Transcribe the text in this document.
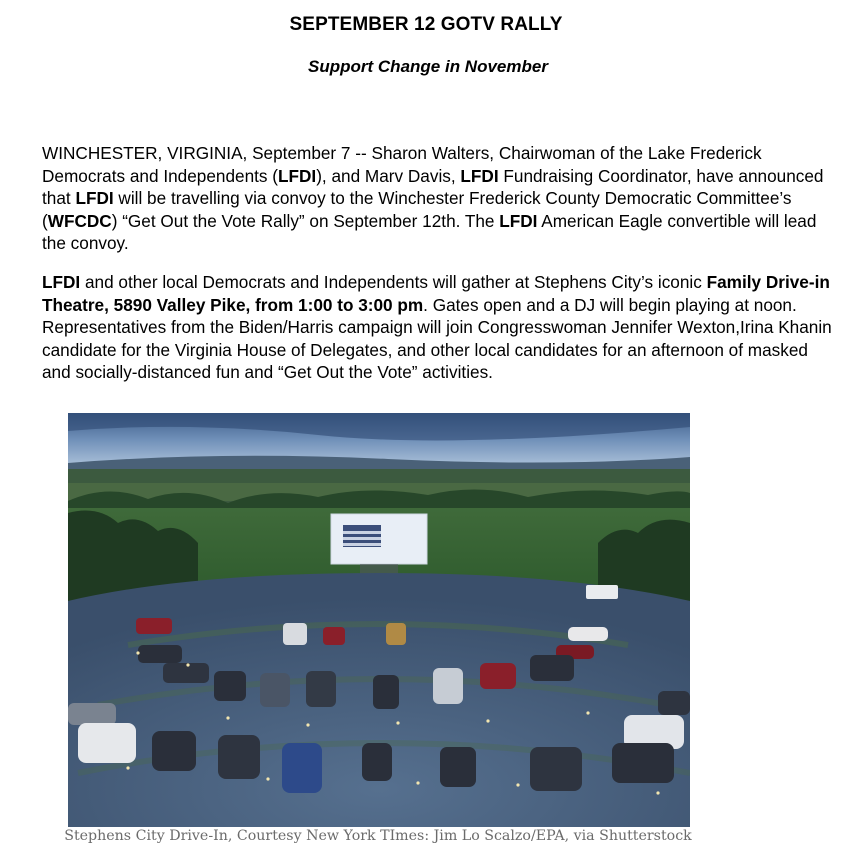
SEPTEMBER 12 GOTV RALLY
Support Change in November
WINCHESTER, VIRGINIA, September 7 -- Sharon Walters, Chairwoman of the Lake Frederick Democrats and Independents (LFDI), and Marv Davis, LFDI Fundraising Coordinator, have announced that LFDI will be travelling via convoy to the Winchester Frederick County Democratic Committee’s (WFCDC) “Get Out the Vote Rally” on September 12th. The LFDI American Eagle convertible will lead the convoy.
LFDI and other local Democrats and Independents will gather at Stephens City’s iconic Family Drive-in Theatre, 5890 Valley Pike, from 1:00 to 3:00 pm. Gates open and a DJ will begin playing at noon. Representatives from the Biden/Harris campaign will join Congresswoman Jennifer Wexton,Irina Khanin candidate for the Virginia House of Delegates, and other local candidates for an afternoon of masked and socially-distanced fun and “Get Out the Vote” activities.
Stephens City Drive-In, Courtesy New York TImes: Jim Lo Scalzo/EPA, via Shutterstock
